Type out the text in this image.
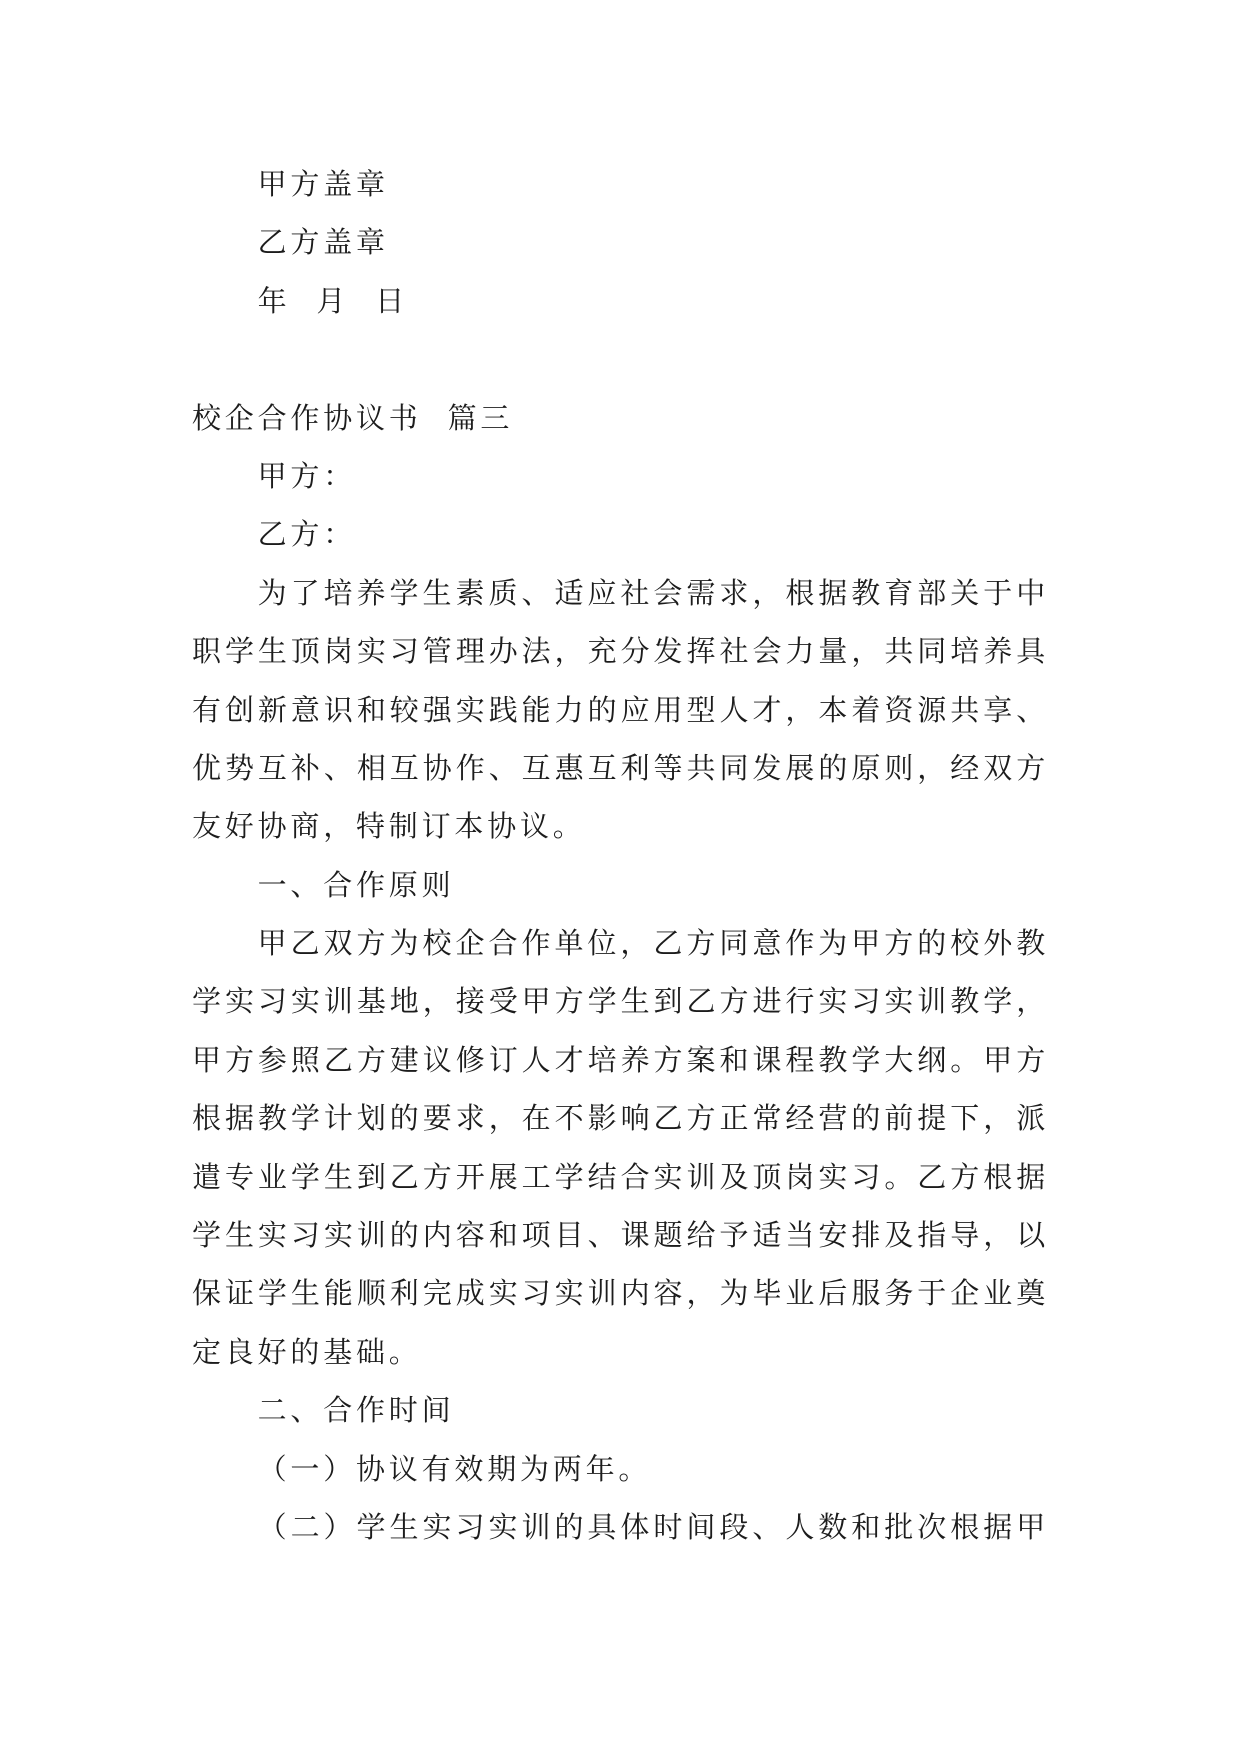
甲方盖章
乙方盖章
年  月  日
校企合作协议书  篇三
甲方：
乙方：
为了培养学生素质、适应社会需求，根据教育部关于中
职学生顶岗实习管理办法，充分发挥社会力量，共同培养具
有创新意识和较强实践能力的应用型人才，本着资源共享、
优势互补、相互协作、互惠互利等共同发展的原则，经双方
友好协商，特制订本协议。
一、合作原则
甲乙双方为校企合作单位，乙方同意作为甲方的校外教
学实习实训基地，接受甲方学生到乙方进行实习实训教学，
甲方参照乙方建议修订人才培养方案和课程教学大纲。甲方
根据教学计划的要求，在不影响乙方正常经营的前提下，派
遣专业学生到乙方开展工学结合实训及顶岗实习。乙方根据
学生实习实训的内容和项目、课题给予适当安排及指导，以
保证学生能顺利完成实习实训内容，为毕业后服务于企业奠
定良好的基础。
二、合作时间
（一）协议有效期为两年。
（二）学生实习实训的具体时间段、人数和批次根据甲
